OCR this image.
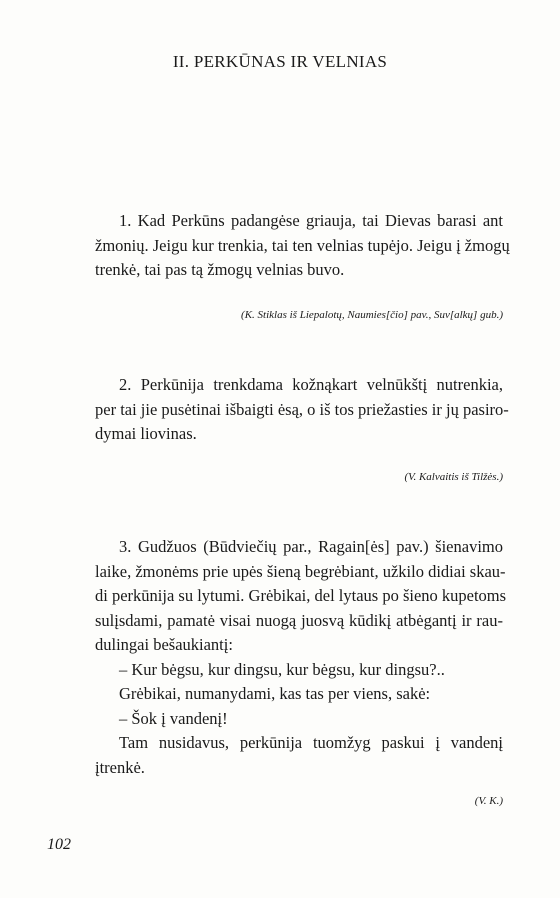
II. PERKŪNAS IR VELNIAS
1. Kad Perkūns padangėse griauja, tai Dievas barasi ant
žmonių. Jeigu kur trenkia, tai ten velnias tupėjo. Jeigu į žmogų
trenkė, tai pas tą žmogų velnias buvo.
(K. Stiklas iš Liepalotų, Naumies[čio] pav., Suv[alkų] gub.)
2. Perkūnija trenkdama kožnąkart velnūkštį nutrenkia,
per tai jie pusėtinai išbaigti ėsą, o iš tos priežasties ir jų pasiro-
dymai liovinas.
(V. Kalvaitis iš Tilžės.)
3. Gudžuos (Būdviečių par., Ragain[ės] pav.) šienavimo
laike, žmonėms prie upės šieną begrėbiant, užkilo didiai skau-
di perkūnija su lytumi. Grėbikai, del lytaus po šieno kupetoms
sulįsdami, pamatė visai nuogą juosvą kūdikį atbėgantį ir rau-
dulingai bešaukiantį:
– Kur bėgsu, kur dingsu, kur bėgsu, kur dingsu?..
Grėbikai, numanydami, kas tas per viens, sakė:
– Šok į vandenį!
Tam nusidavus, perkūnija tuomžyg paskui į vandenį
įtrenkė.
(V. K.)
102
